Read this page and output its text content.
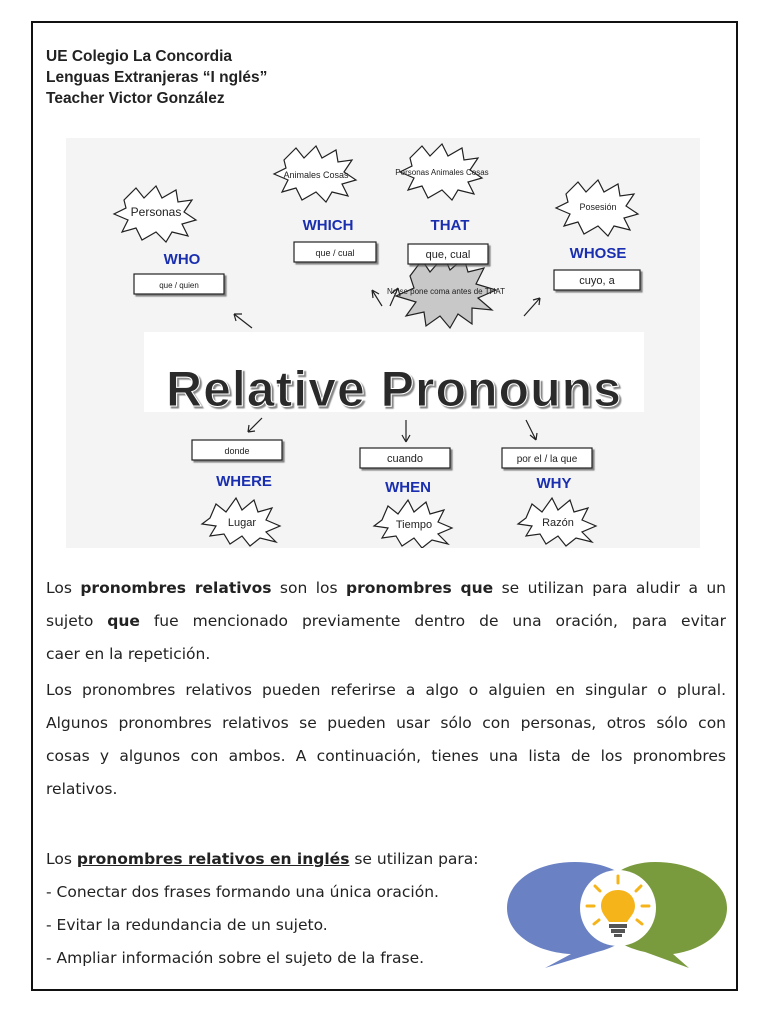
UE Colegio La Concordia
Lenguas Extranjeras “I nglés”
Teacher Victor González
Personas
Animales Cosas	Personas Animales Cosas
Posesión
No se pone coma antes de THAT
Lugar	Tiempo	Razón
WHO
WHICH	THAT
WHOSE
WHERE	WHEN	WHY
que / quien
que / cual	que, cual
cuyo, a
donde
cuando	por el / la que
Relative Pronouns
Los pronombres relativos son los pronombres que se utilizan para aludir a un
sujeto que fue mencionado previamente dentro de una oración, para evitar
caer en la repetición.
Los pronombres relativos pueden referirse a algo o alguien en singular o plural.
Algunos pronombres relativos se pueden usar sólo con personas, otros sólo con
cosas y algunos con ambos. A continuación, tienes una lista de los pronombres
relativos.
Los pronombres relativos en inglés se utilizan para:
- Conectar dos frases formando una única oración.
- Evitar la redundancia de un sujeto.
- Ampliar información sobre el sujeto de la frase.
